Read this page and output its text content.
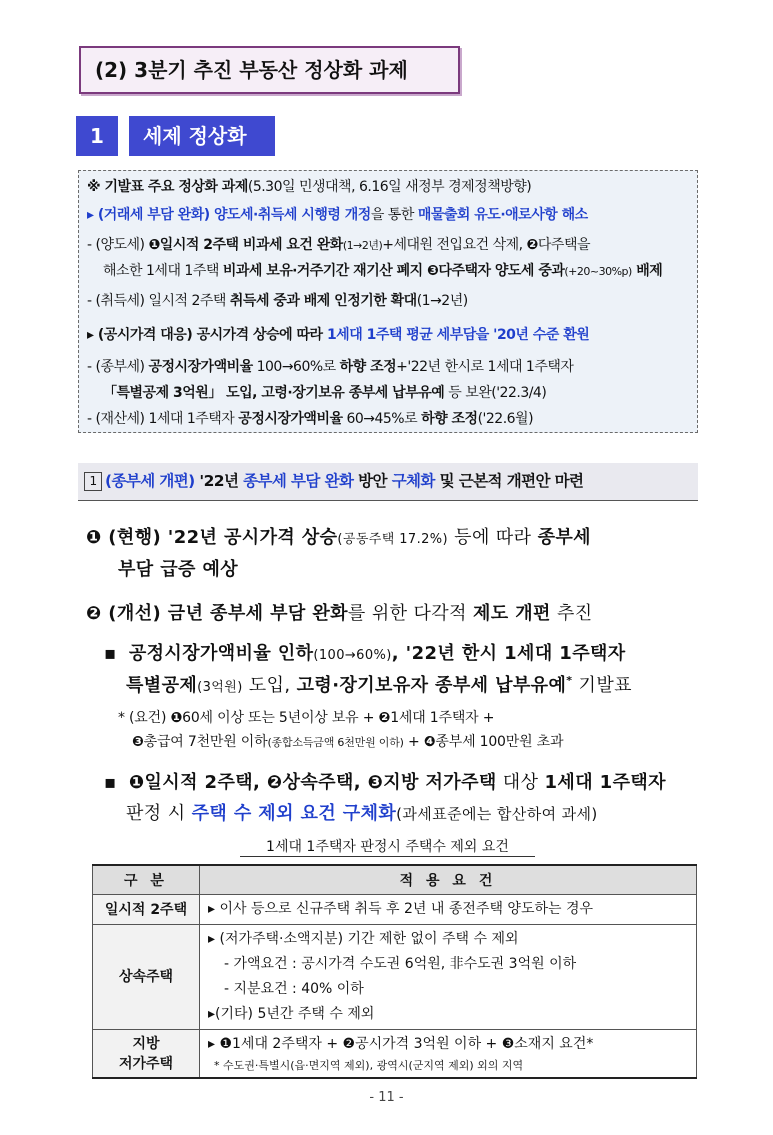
(2) 3분기 추진 부동산 정상화 과제
1	세제 정상화
※ 기발표 주요 정상화 과제(5.30일 민생대책, 6.16일 새정부 경제정책방향)
▸ (거래세 부담 완화) 양도세·취득세 시행령 개정을 통한 매물출회 유도·애로사항 해소
- (양도세) ❶일시적 2주택 비과세 요건 완화(1→2년)+세대원 전입요건 삭제, ❷다주택을
해소한 1세대 1주택 비과세 보유‧거주기간 재기산 폐지 ❸다주택자 양도세 중과(+20~30%p) 배제
- (취득세) 일시적 2주택 취득세 중과 배제 인정기한 확대(1→2년)
▸ (공시가격 대응) 공시가격 상승에 따라 1세대 1주택 평균 세부담을 '20년 수준 환원
- (종부세) 공정시장가액비율 100→60%로 하향 조정+'22년 한시로 1세대 1주택자
「특별공제 3억원」 도입, 고령·장기보유 종부세 납부유예 등 보완('22.3/4)
- (재산세) 1세대 1주택자 공정시장가액비율 60→45%로 하향 조정('22.6월)
1 (종부세 개편) '22년 종부세 부담 완화 방안 구체화 및 근본적 개편안 마련
❶ (현행) '22년 공시가격 상승(공동주택 17.2%) 등에 따라 종부세
부담 급증 예상
❷ (개선) 금년 종부세 부담 완화를 위한 다각적 제도 개편 추진
▪ 공정시장가액비율 인하(100→60%), '22년 한시 1세대 1주택자
특별공제(3억원) 도입, 고령·장기보유자 종부세 납부유예* 기발표
* (요건) ❶60세 이상 또는 5년이상 보유 + ❷1세대 1주택자 +
❸총급여 7천만원 이하(종합소득금액 6천만원 이하) + ❹종부세 100만원 초과
▪ ❶일시적 2주택, ❷상속주택, ❸지방 저가주택 대상 1세대 1주택자
판정 시 주택 수 제외 요건 구체화(과세표준에는 합산하여 과세)
1세대 1주택자 판정시 주택수 제외 요건
구 분	적 용 요 건
일시적 2주택	▸ 이사 등으로 신규주택 취득 후 2년 내 종전주택 양도하는 경우
상속주택	▸ (저가주택·소액지분) 기간 제한 없이 주택 수 제외
- 가액요건 : 공시가격 수도권 6억원, 非수도권 3억원 이하
- 지분요건 : 40% 이하
▸(기타) 5년간 주택 수 제외

지방
저가주택	▸ ❶1세대 2주택자 + ❷공시가격 3억원 이하 + ❸소재지 요건*
* 수도권·특별시(읍·면지역 제외), 광역시(군지역 제외) 외의 지역
- 11 -
